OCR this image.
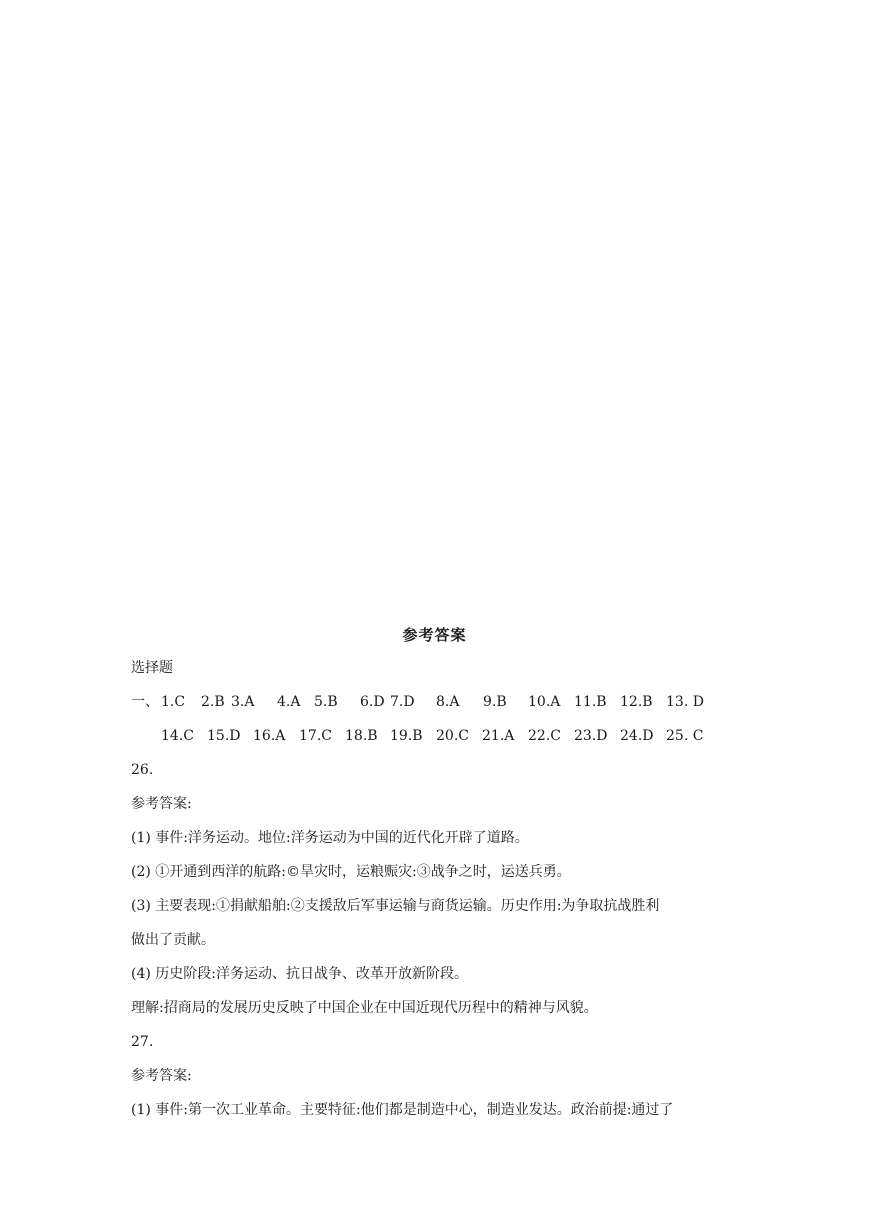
参考答案
选择题
一、 1.C 2.B 3.A 4.A 5.B 6.D 7.D 8.A 9.B 10.A 11.B 12.B 13. D
14.C 15.D 16.A 17.C 18.B 19.B 20.C 21.A 22.C 23.D 24.D 25. C
26.
参考答案:
(1) 事件:洋务运动。地位:洋务运动为中国的近代化开辟了道路。
(2) ①开通到西洋的航路:©旱灾时，运粮赈灾:③战争之时，运送兵勇。
(3) 主要表现:①捐献船舶:②支援敌后军事运输与商货运输。历史作用:为争取抗战胜利
做出了贡献。
(4) 历史阶段:洋务运动、抗日战争、改革开放新阶段。
理解:招商局的发展历史反映了中国企业在中国近现代历程中的精神与风貌。
27.
参考答案:
(1) 事件:第一次工业革命。主要特征:他们都是制造中心，制造业发达。政治前提:通过了
